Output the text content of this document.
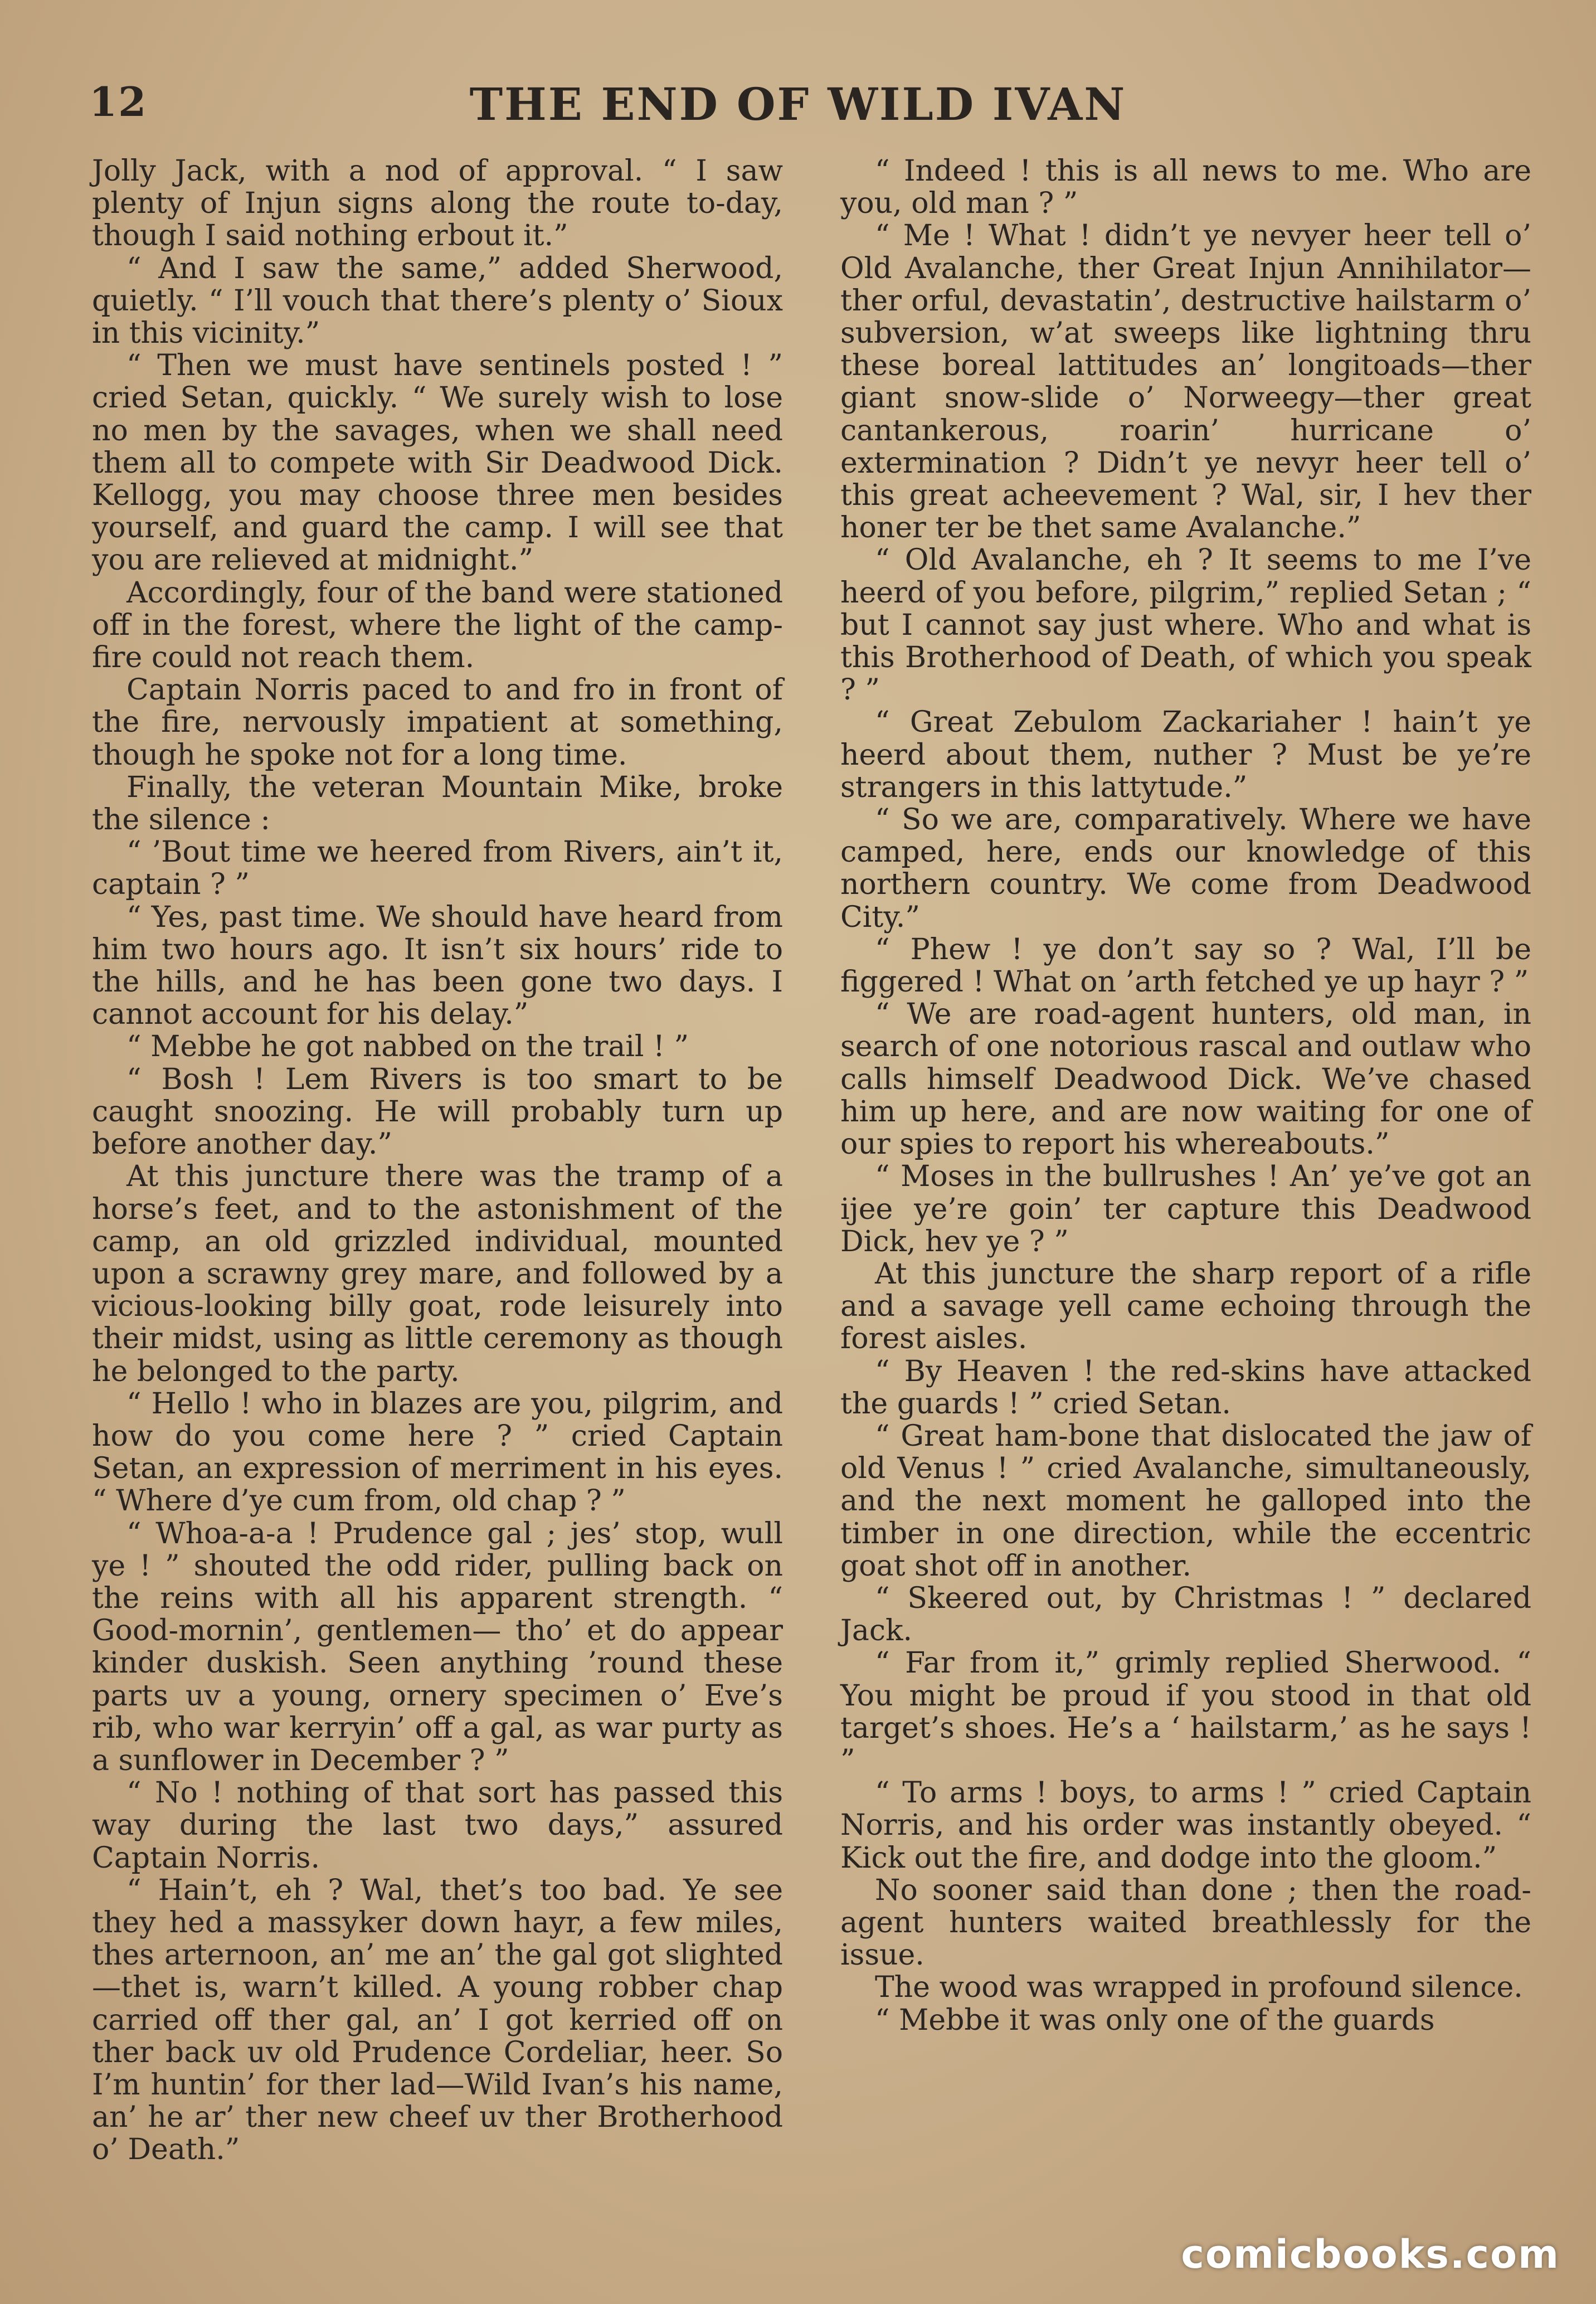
12	THE END OF WILD IVAN

Jolly Jack, with a nod of approval. “ I saw plenty of Injun signs along the route to-day, though I said nothing erbout it.”

“ And I saw the same,” added Sherwood, quietly. “ I’ll vouch that there’s plenty o’ Sioux in this vicinity.”

“ Then we must have sentinels posted ! ” cried Setan, quickly. “ We surely wish to lose no men by the savages, when we shall need them all to compete with Sir Deadwood Dick. Kellogg, you may choose three men besides yourself, and guard the camp. I will see that you are relieved at midnight.”

Accordingly, four of the band were stationed off in the forest, where the light of the camp-fire could not reach them.

Captain Norris paced to and fro in front of the fire, nervously impatient at something, though he spoke not for a long time.

Finally, the veteran Mountain Mike, broke the silence :

“ ’Bout time we heered from Rivers, ain’t it, captain ? ”

“ Yes, past time. We should have heard from him two hours ago. It isn’t six hours’ ride to the hills, and he has been gone two days. I cannot account for his delay.”

“ Mebbe he got nabbed on the trail ! ”

“ Bosh ! Lem Rivers is too smart to be caught snoozing. He will probably turn up before another day.”

At this juncture there was the tramp of a horse’s feet, and to the astonishment of the camp, an old grizzled individual, mounted upon a scrawny grey mare, and followed by a vicious-looking billy goat, rode leisurely into their midst, using as little ceremony as though he belonged to the party.

“ Hello ! who in blazes are you, pilgrim, and how do you come here ? ” cried Captain Setan, an expression of merriment in his eyes. “ Where d’ye cum from, old chap ? ”

“ Whoa-a-a ! Prudence gal ; jes’ stop, wull ye ! ” shouted the odd rider, pulling back on the reins with all his apparent strength. “ Good-mornin’, gentlemen— tho’ et do appear kinder duskish. Seen anything ’round these parts uv a young, ornery specimen o’ Eve’s rib, who war kerryin’ off a gal, as war purty as a sunflower in December ? ”

“ No ! nothing of that sort has passed this way during the last two days,” assured Captain Norris.

“ Hain’t, eh ? Wal, thet’s too bad. Ye see they hed a massyker down hayr, a few miles, thes arternoon, an’ me an’ the gal got slighted—thet is, warn’t killed. A young robber chap carried off ther gal, an’ I got kerried off on ther back uv old Prudence Cordeliar, heer. So I’m huntin’ for ther lad—Wild Ivan’s his name, an’ he ar’ ther new cheef uv ther Brotherhood o’ Death.”

“ Indeed ! this is all news to me. Who are you, old man ? ”

“ Me ! What ! didn’t ye nevyer heer tell o’ Old Avalanche, ther Great Injun Annihilator—ther orful, devastatin’, destructive hailstarm o’ subversion, w’at sweeps like lightning thru these boreal lattitudes an’ longitoads—ther giant snow-slide o’ Norweegy—ther great cantankerous, roarin’ hurricane o’ extermination ? Didn’t ye nevyr heer tell o’ this great acheevement ? Wal, sir, I hev ther honer ter be thet same Avalanche.”

“ Old Avalanche, eh ? It seems to me I’ve heerd of you before, pilgrim,” replied Setan ; “ but I cannot say just where. Who and what is this Brotherhood of Death, of which you speak ? ”

“ Great Zebulom Zackariaher ! hain’t ye heerd about them, nuther ? Must be ye’re strangers in this lattytude.”

“ So we are, comparatively. Where we have camped, here, ends our knowledge of this northern country. We come from Deadwood City.”

“ Phew ! ye don’t say so ? Wal, I’ll be figgered ! What on ’arth fetched ye up hayr ? ”

“ We are road-agent hunters, old man, in search of one notorious rascal and outlaw who calls himself Deadwood Dick. We’ve chased him up here, and are now waiting for one of our spies to report his whereabouts.”

“ Moses in the bullrushes ! An’ ye’ve got an ijee ye’re goin’ ter capture this Deadwood Dick, hev ye ? ”

At this juncture the sharp report of a rifle and a savage yell came echoing through the forest aisles.

“ By Heaven ! the red-skins have attacked the guards ! ” cried Setan.

“ Great ham-bone that dislocated the jaw of old Venus ! ” cried Avalanche, simultaneously, and the next moment he galloped into the timber in one direction, while the eccentric goat shot off in another.

“ Skeered out, by Christmas ! ” declared Jack.

“ Far from it,” grimly replied Sherwood. “ You might be proud if you stood in that old target’s shoes. He’s a ‘ hailstarm,’ as he says ! ”

“ To arms ! boys, to arms ! ” cried Captain Norris, and his order was instantly obeyed. “ Kick out the fire, and dodge into the gloom.”

No sooner said than done ; then the road-agent hunters waited breathlessly for the issue.

The wood was wrapped in profound silence.

“ Mebbe it was only one of the guards

comicbooks.com
